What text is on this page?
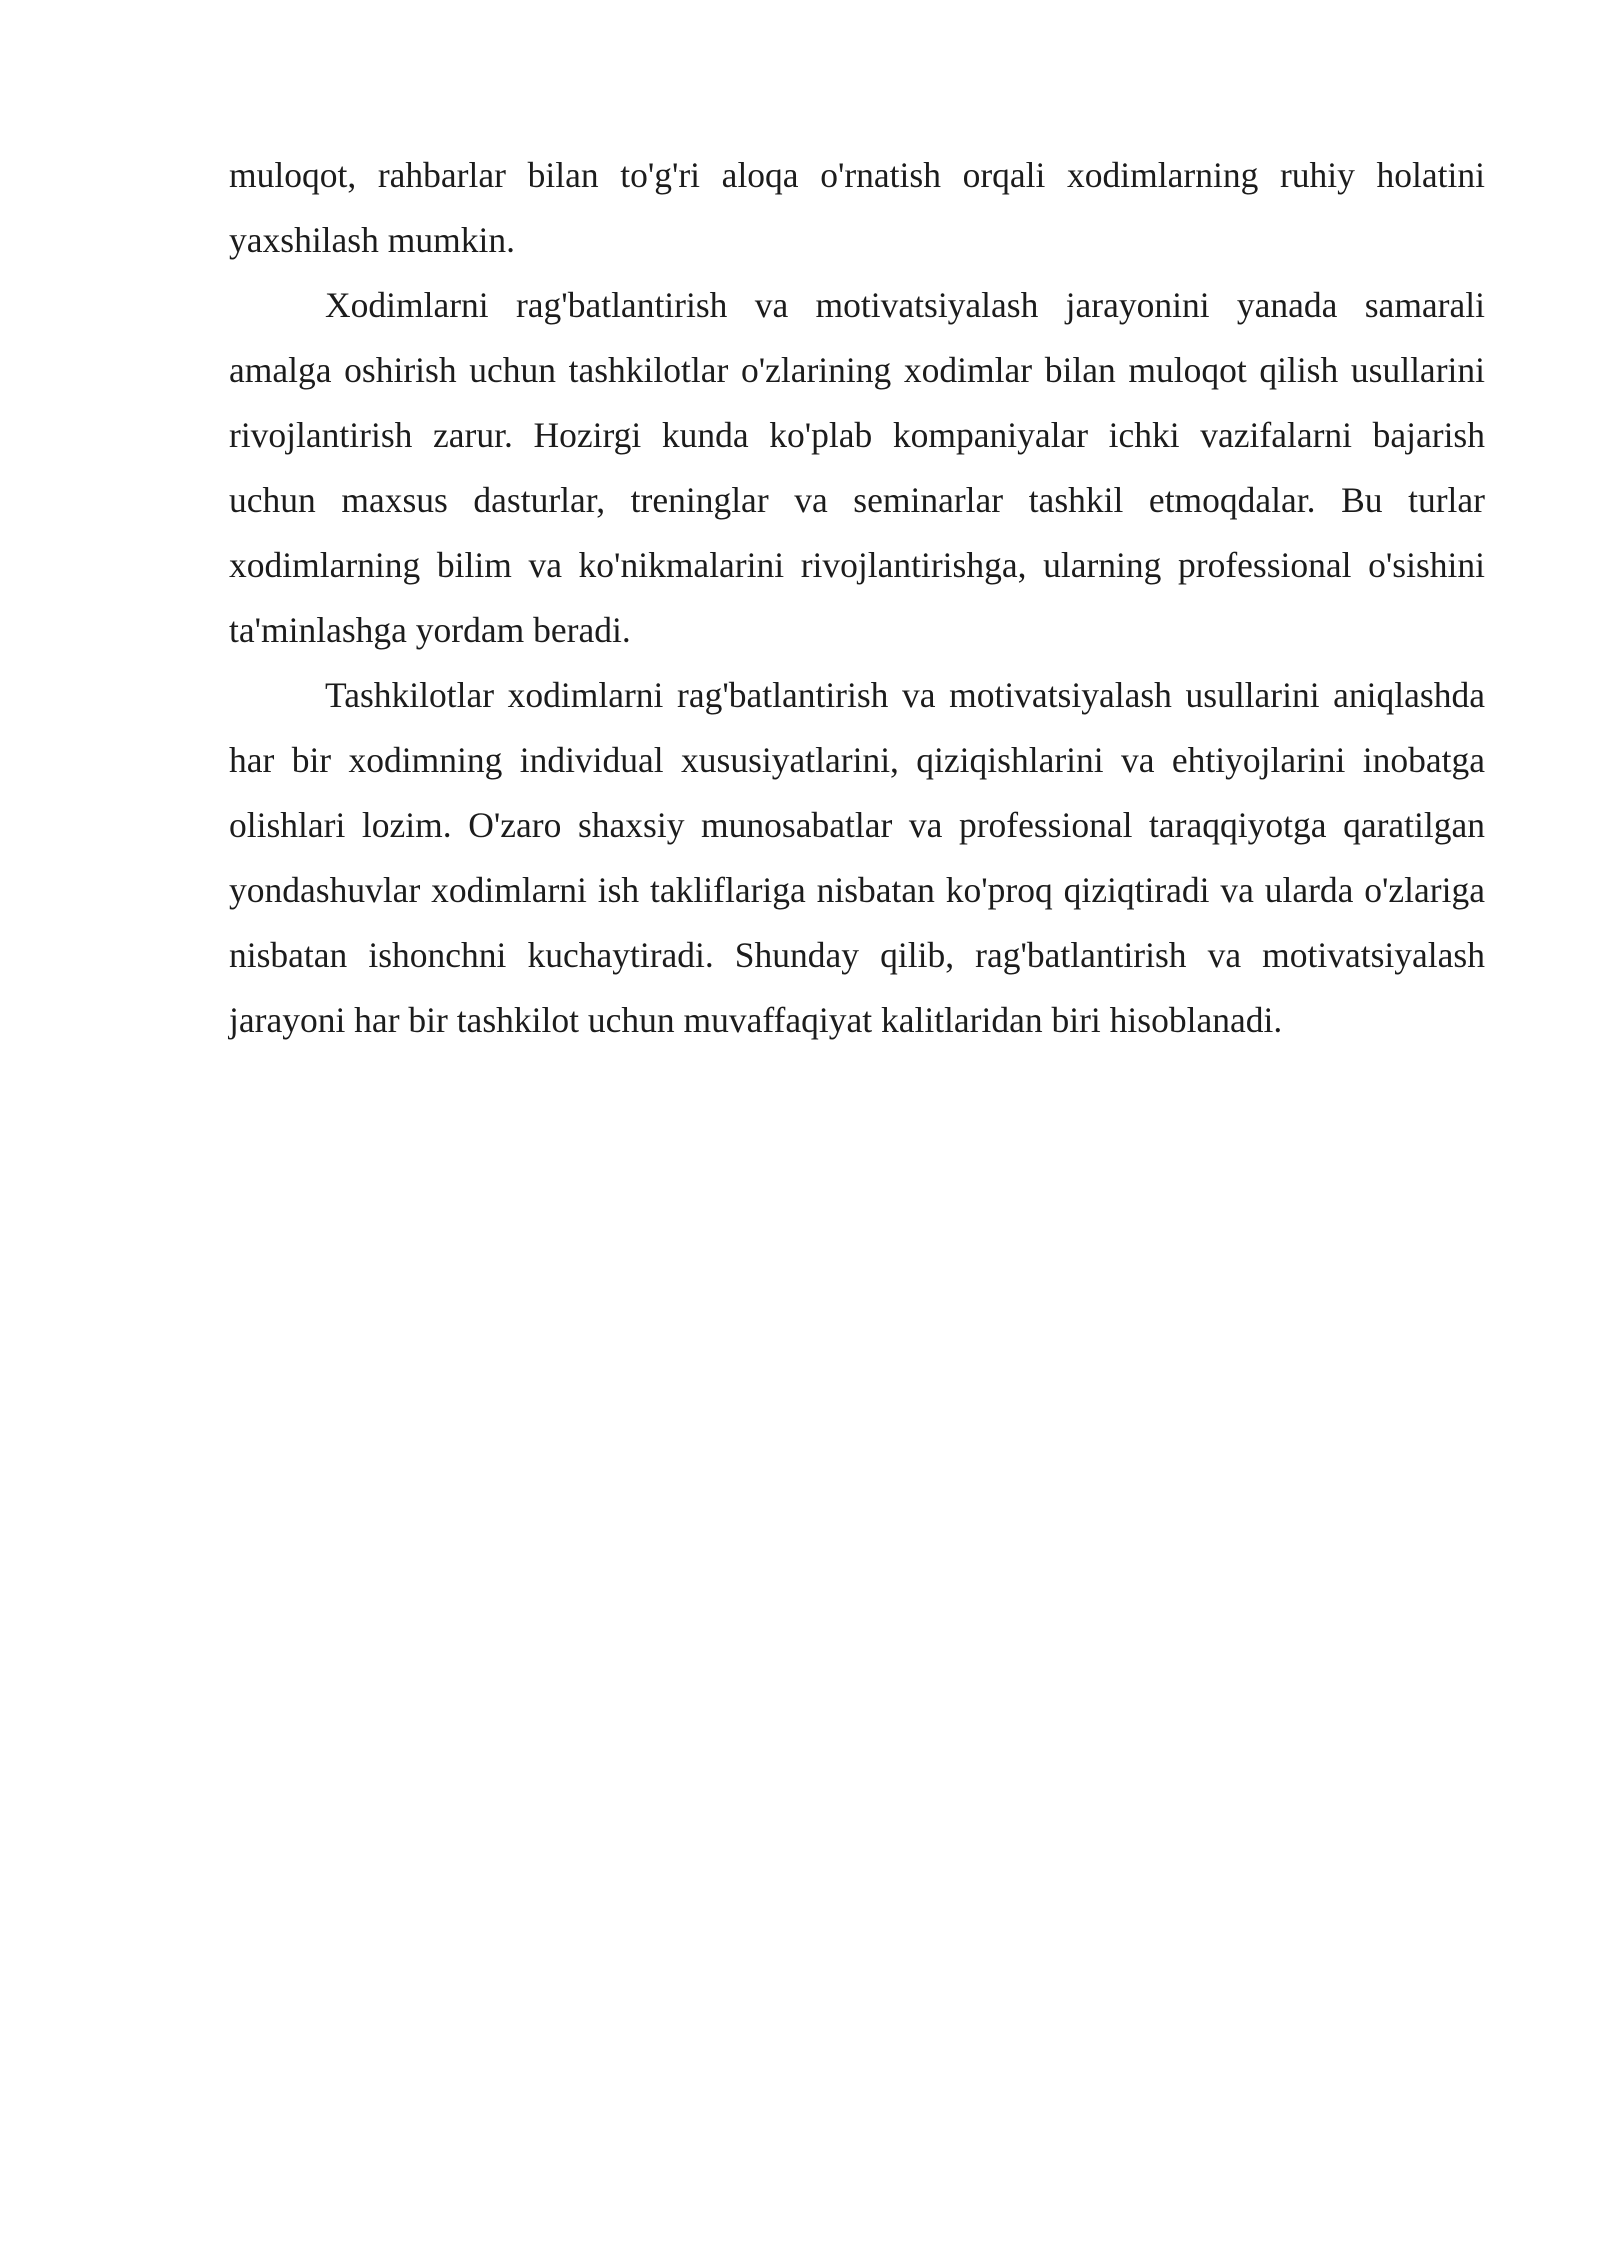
muloqot, rahbarlar bilan to'g'ri aloqa o'rnatish orqali xodimlarning ruhiy holatini yaxshilash mumkin.

Xodimlarni rag'batlantirish va motivatsiyalash jarayonini yanada samarali amalga oshirish uchun tashkilotlar o'zlarining xodimlar bilan muloqot qilish usullarini rivojlantirish zarur. Hozirgi kunda ko'plab kompaniyalar ichki vazifalarni bajarish uchun maxsus dasturlar, treninglar va seminarlar tashkil etmoqdalar. Bu turlar xodimlarning bilim va ko'nikmalarini rivojlantirishga, ularning professional o'sishini ta'minlashga yordam beradi.

Tashkilotlar xodimlarni rag'batlantirish va motivatsiyalash usullarini aniqlashda har bir xodimning individual xususiyatlarini, qiziqishlarini va ehtiyojlarini inobatga olishlari lozim. O'zaro shaxsiy munosabatlar va professional taraqqiyotga qaratilgan yondashuvlar xodimlarni ish takliflariga nisbatan ko'proq qiziqtiradi va ularda o'zlariga nisbatan ishonchni kuchaytiradi. Shunday qilib, rag'batlantirish va motivatsiyalash jarayoni har bir tashkilot uchun muvaffaqiyat kalitlaridan biri hisoblanadi.
